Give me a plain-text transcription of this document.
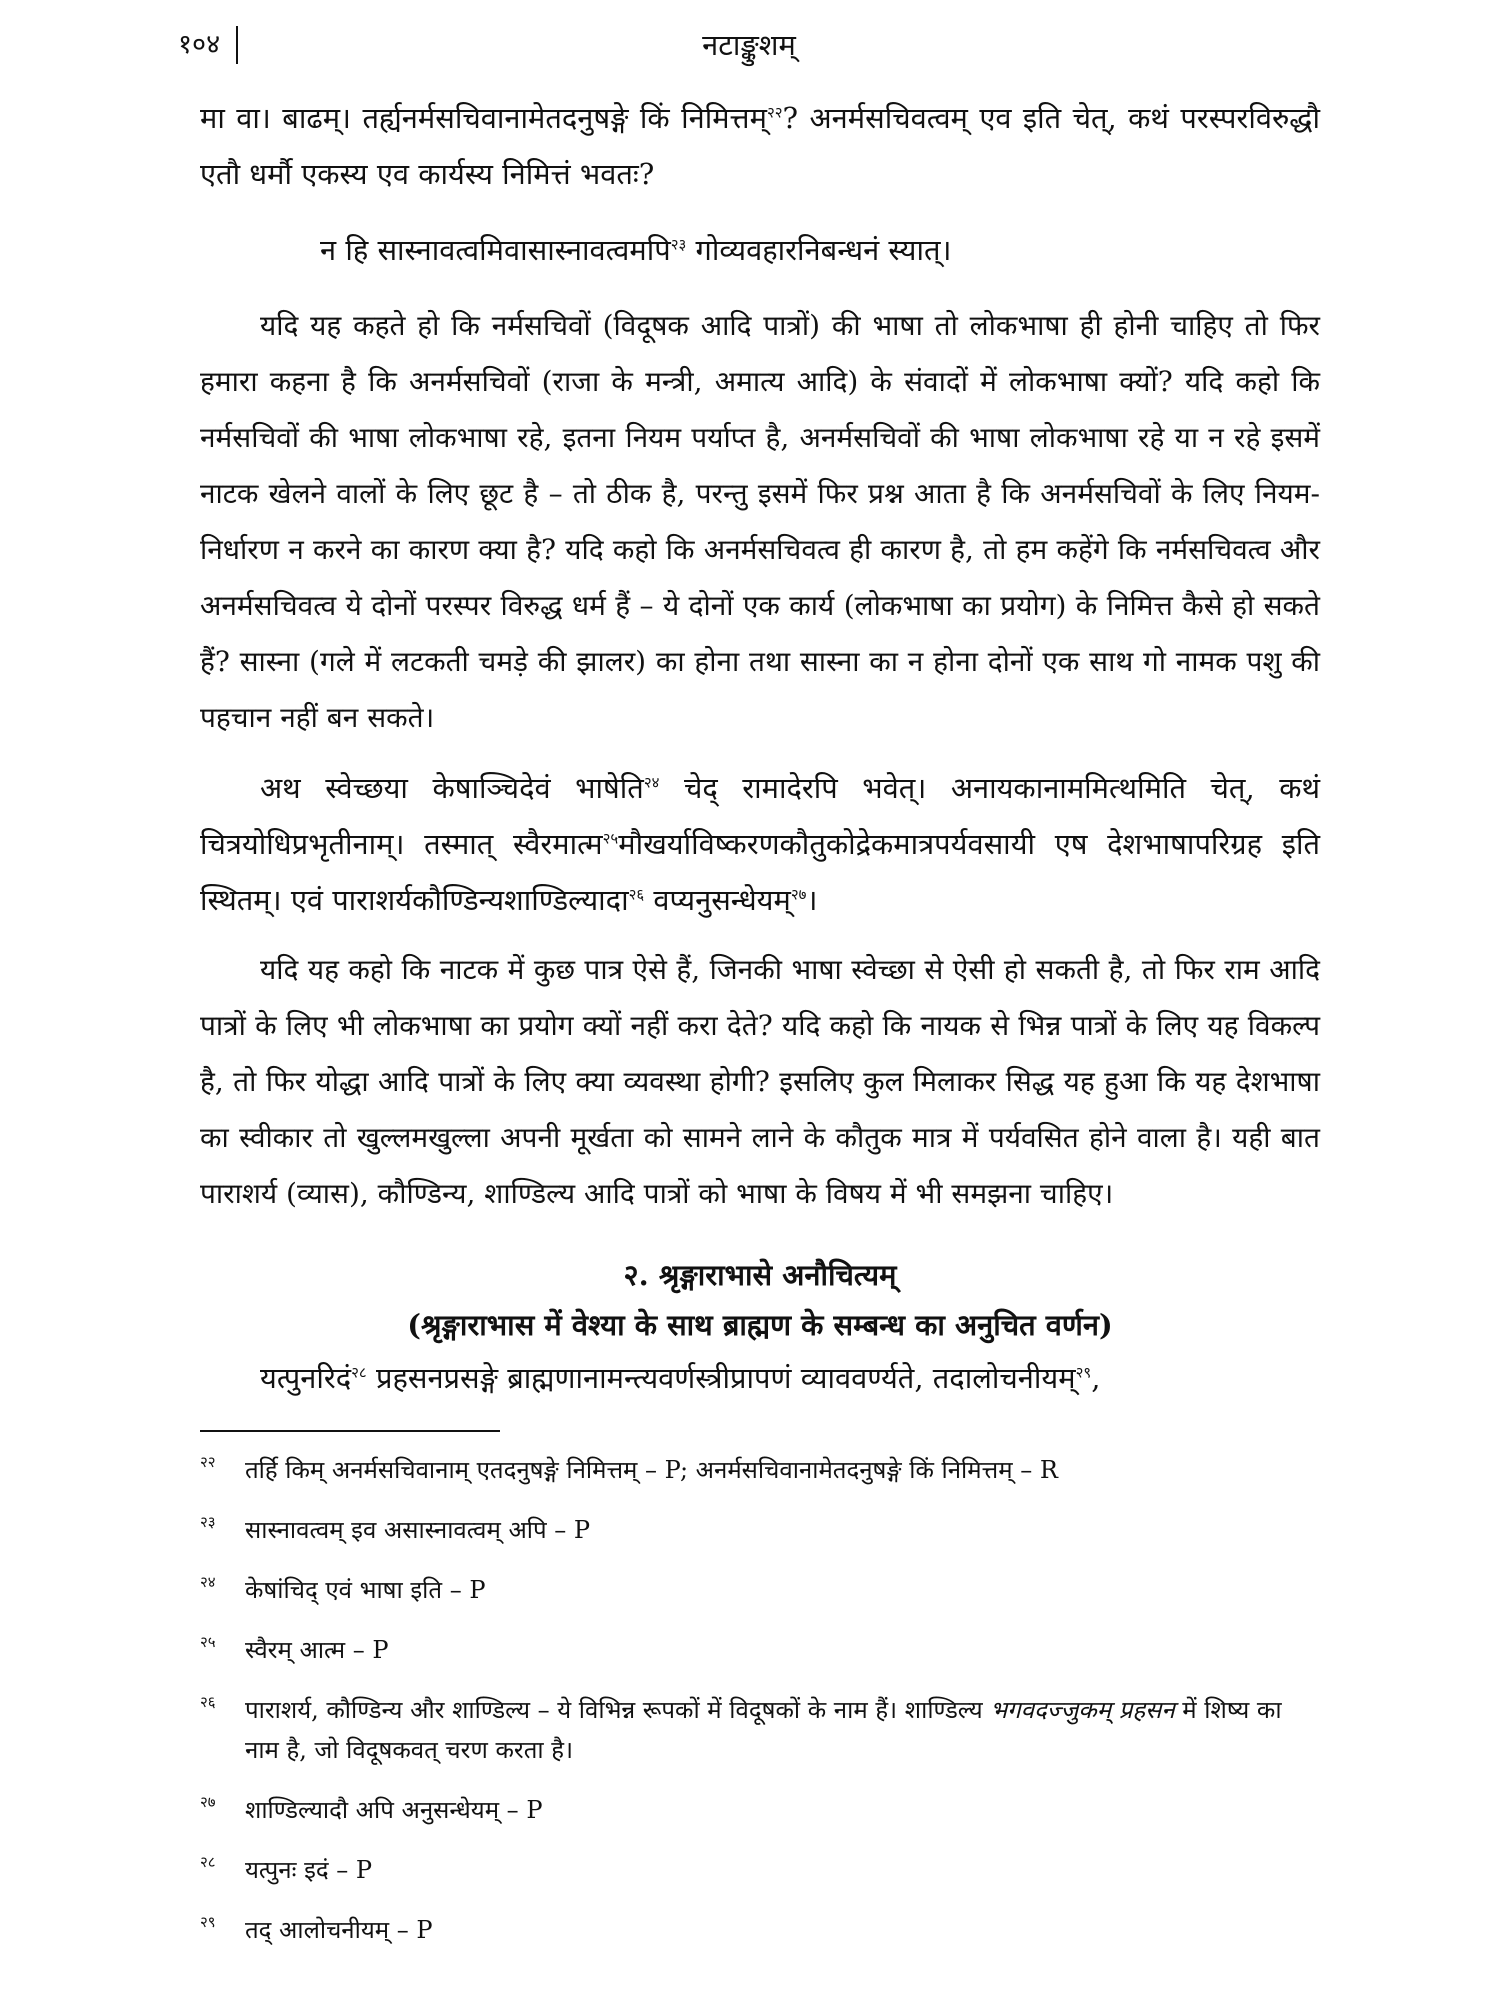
१०४	नटाङ्कुशम्

मा वा। बाढम्। तर्ह्यनर्मसचिवानामेतदनुषङ्गे किं निमित्तम्$^{२२}$? अनर्मसचिवत्वम् एव इति चेत्, कथं परस्परविरुद्धौ एतौ धर्मौ एकस्य एव कार्यस्य निमित्तं भवतः?

न हि सास्नावत्वमिवासास्नावत्वमपि$^{२३}$ गोव्यवहारनिबन्धनं स्यात्।

यदि यह कहते हो कि नर्मसचिवों (विदूषक आदि पात्रों) की भाषा तो लोकभाषा ही होनी चाहिए तो फिर हमारा कहना है कि अनर्मसचिवों (राजा के मन्त्री, अमात्य आदि) के संवादों में लोकभाषा क्यों? यदि कहो कि नर्मसचिवों की भाषा लोकभाषा रहे, इतना नियम पर्याप्त है, अनर्मसचिवों की भाषा लोकभाषा रहे या न रहे इसमें नाटक खेलने वालों के लिए छूट है – तो ठीक है, परन्तु इसमें फिर प्रश्न आता है कि अनर्मसचिवों के लिए नियम-निर्धारण न करने का कारण क्या है? यदि कहो कि अनर्मसचिवत्व ही कारण है, तो हम कहेंगे कि नर्मसचिवत्व और अनर्मसचिवत्व ये दोनों परस्पर विरुद्ध धर्म हैं – ये दोनों एक कार्य (लोकभाषा का प्रयोग) के निमित्त कैसे हो सकते हैं? सास्ना (गले में लटकती चमड़े की झालर) का होना तथा सास्ना का न होना दोनों एक साथ गो नामक पशु की पहचान नहीं बन सकते।

अथ स्वेच्छया केषाञ्चिदेवं भाषेति$^{२४}$ चेद् रामादेरपि भवेत्। अनायकानाममित्थमिति चेत्, कथं चित्रयोधिप्रभृतीनाम्। तस्मात् स्वैरमात्म$^{२५}$मौखर्याविष्करणकौतुकोद्रेकमात्रपर्यवसायी एष देशभाषापरिग्रह इति स्थितम्। एवं पाराशर्यकौण्डिन्यशाण्डिल्यादा$^{२६}$ वप्यनुसन्धेयम्$^{२७}$।

यदि यह कहो कि नाटक में कुछ पात्र ऐसे हैं, जिनकी भाषा स्वेच्छा से ऐसी हो सकती है, तो फिर राम आदि पात्रों के लिए भी लोकभाषा का प्रयोग क्यों नहीं करा देते? यदि कहो कि नायक से भिन्न पात्रों के लिए यह विकल्प है, तो फिर योद्धा आदि पात्रों के लिए क्या व्यवस्था होगी? इसलिए कुल मिलाकर सिद्ध यह हुआ कि यह देशभाषा का स्वीकार तो खुल्लमखुल्ला अपनी मूर्खता को सामने लाने के कौतुक मात्र में पर्यवसित होने वाला है। यही बात पाराशर्य (व्यास), कौण्डिन्य, शाण्डिल्य आदि पात्रों को भाषा के विषय में भी समझना चाहिए।

२. श्रृङ्गाराभासे अनौचित्यम्
(श्रृङ्गाराभास में वेश्या के साथ ब्राह्मण के सम्बन्ध का अनुचित वर्णन)

यत्पुनरिदं$^{२८}$ प्रहसनप्रसङ्गे ब्राह्मणानामन्त्यवर्णस्त्रीप्रापणं व्याववर्ण्यते, तदालोचनीयम्$^{२९}$,

२२ तर्हि किम् अनर्मसचिवानाम् एतदनुषङ्गे निमित्तम् – P; अनर्मसचिवानामेतदनुषङ्गे किं निमित्तम् – R

२३ सास्नावत्वम् इव असास्नावत्वम् अपि – P

२४ केषांचिद् एवं भाषा इति – P

२५ स्वैरम् आत्म – P

२६ पाराशर्य, कौण्डिन्य और शाण्डिल्य – ये विभिन्न रूपकों में विदूषकों के नाम हैं। शाण्डिल्य भगवदज्जुकम् प्रहसन में शिष्य का नाम है, जो विदूषकवत् चरण करता है।

२७ शाण्डिल्यादौ अपि अनुसन्धेयम् – P

२८ यत्पुनः इदं – P

२९ तद् आलोचनीयम् – P
